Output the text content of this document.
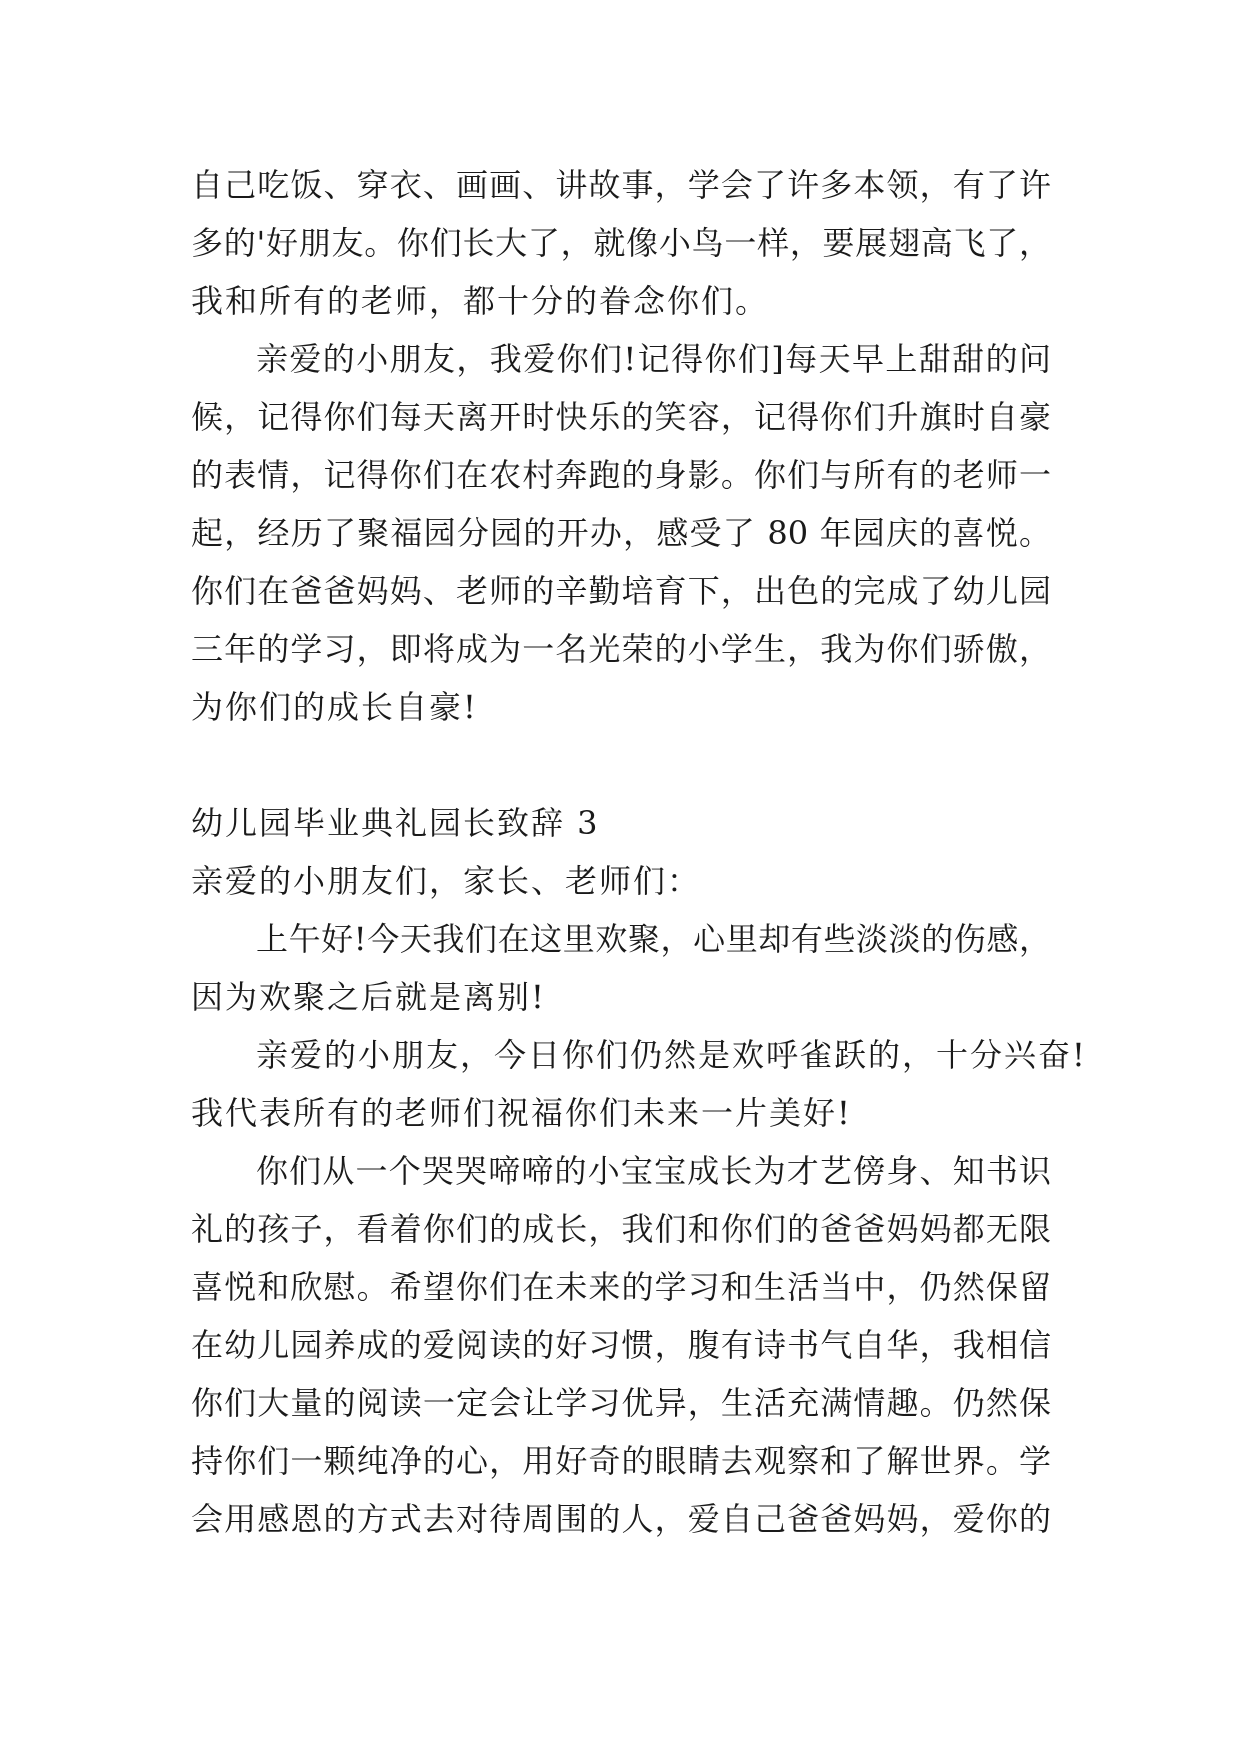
自己吃饭、穿衣、画画、讲故事，学会了许多本领，有了许
多的'好朋友。你们长大了，就像小鸟一样，要展翅高飞了，
我和所有的老师，都十分的眷念你们。
亲爱的小朋友，我爱你们!记得你们]每天早上甜甜的问
候，记得你们每天离开时快乐的笑容，记得你们升旗时自豪
的表情，记得你们在农村奔跑的身影。你们与所有的老师一
起，经历了聚福园分园的开办，感受了 80 年园庆的喜悦。
你们在爸爸妈妈、老师的辛勤培育下，出色的完成了幼儿园
三年的学习，即将成为一名光荣的小学生，我为你们骄傲，
为你们的成长自豪!
幼儿园毕业典礼园长致辞 3
亲爱的小朋友们，家长、老师们：
上午好!今天我们在这里欢聚，心里却有些淡淡的伤感，
因为欢聚之后就是离别!
亲爱的小朋友，今日你们仍然是欢呼雀跃的，十分兴奋!
我代表所有的老师们祝福你们未来一片美好!
你们从一个哭哭啼啼的小宝宝成长为才艺傍身、知书识
礼的孩子，看着你们的成长，我们和你们的爸爸妈妈都无限
喜悦和欣慰。希望你们在未来的学习和生活当中，仍然保留
在幼儿园养成的爱阅读的好习惯，腹有诗书气自华，我相信
你们大量的阅读一定会让学习优异，生活充满情趣。仍然保
持你们一颗纯净的心，用好奇的眼睛去观察和了解世界。学
会用感恩的方式去对待周围的人，爱自己爸爸妈妈，爱你的
